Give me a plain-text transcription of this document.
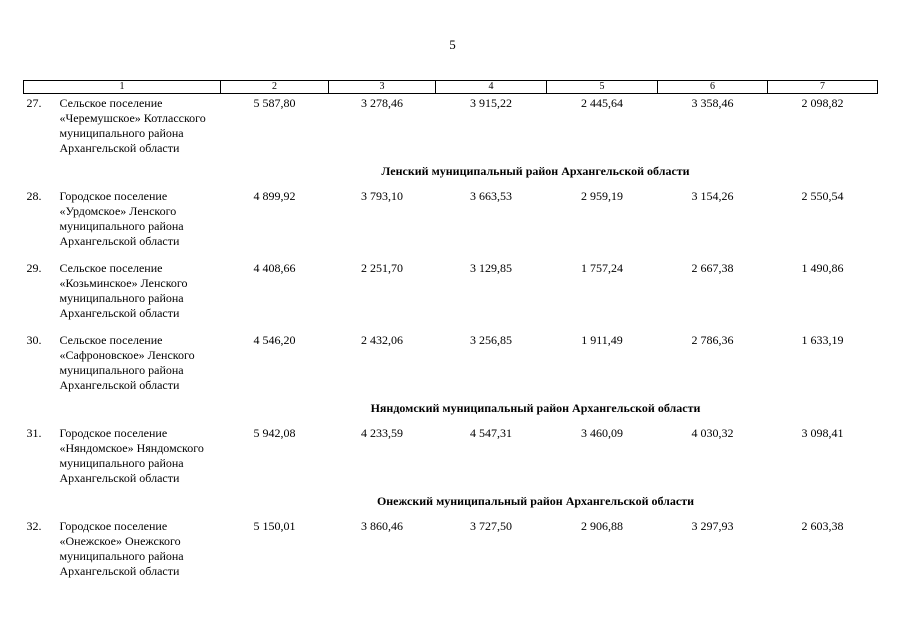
5
1	2	3	4	5	6	7

27. Сельское поселение
«Черемушское» Котласского
муниципального района
Архангельской области	5 587,80	3 278,46	3 915,22	2 445,64	3 358,46	2 098,82
Ленский муниципальный район Архангельской области						

28. Городское поселение
«Урдомское» Ленского
муниципального района
Архангельской области	4 899,92	3 793,10	3 663,53	2 959,19	3 154,26	2 550,54

29. Сельское поселение
«Козьминское» Ленского
муниципального района
Архангельской области	4 408,66	2 251,70	3 129,85	1 757,24	2 667,38	1 490,86

30. Сельское поселение
«Сафроновское» Ленского
муниципального района
Архангельской области	4 546,20	2 432,06	3 256,85	1 911,49	2 786,36	1 633,19
Няндомский муниципальный район Архангельской области						

31. Городское поселение
«Няндомское» Няндомского
муниципального района
Архангельской области	5 942,08	4 233,59	4 547,31	3 460,09	4 030,32	3 098,41
Онежский муниципальный район Архангельской области						

32. Городское поселение
«Онежское» Онежского
муниципального района
Архангельской области	5 150,01	3 860,46	3 727,50	2 906,88	3 297,93	2 603,38
